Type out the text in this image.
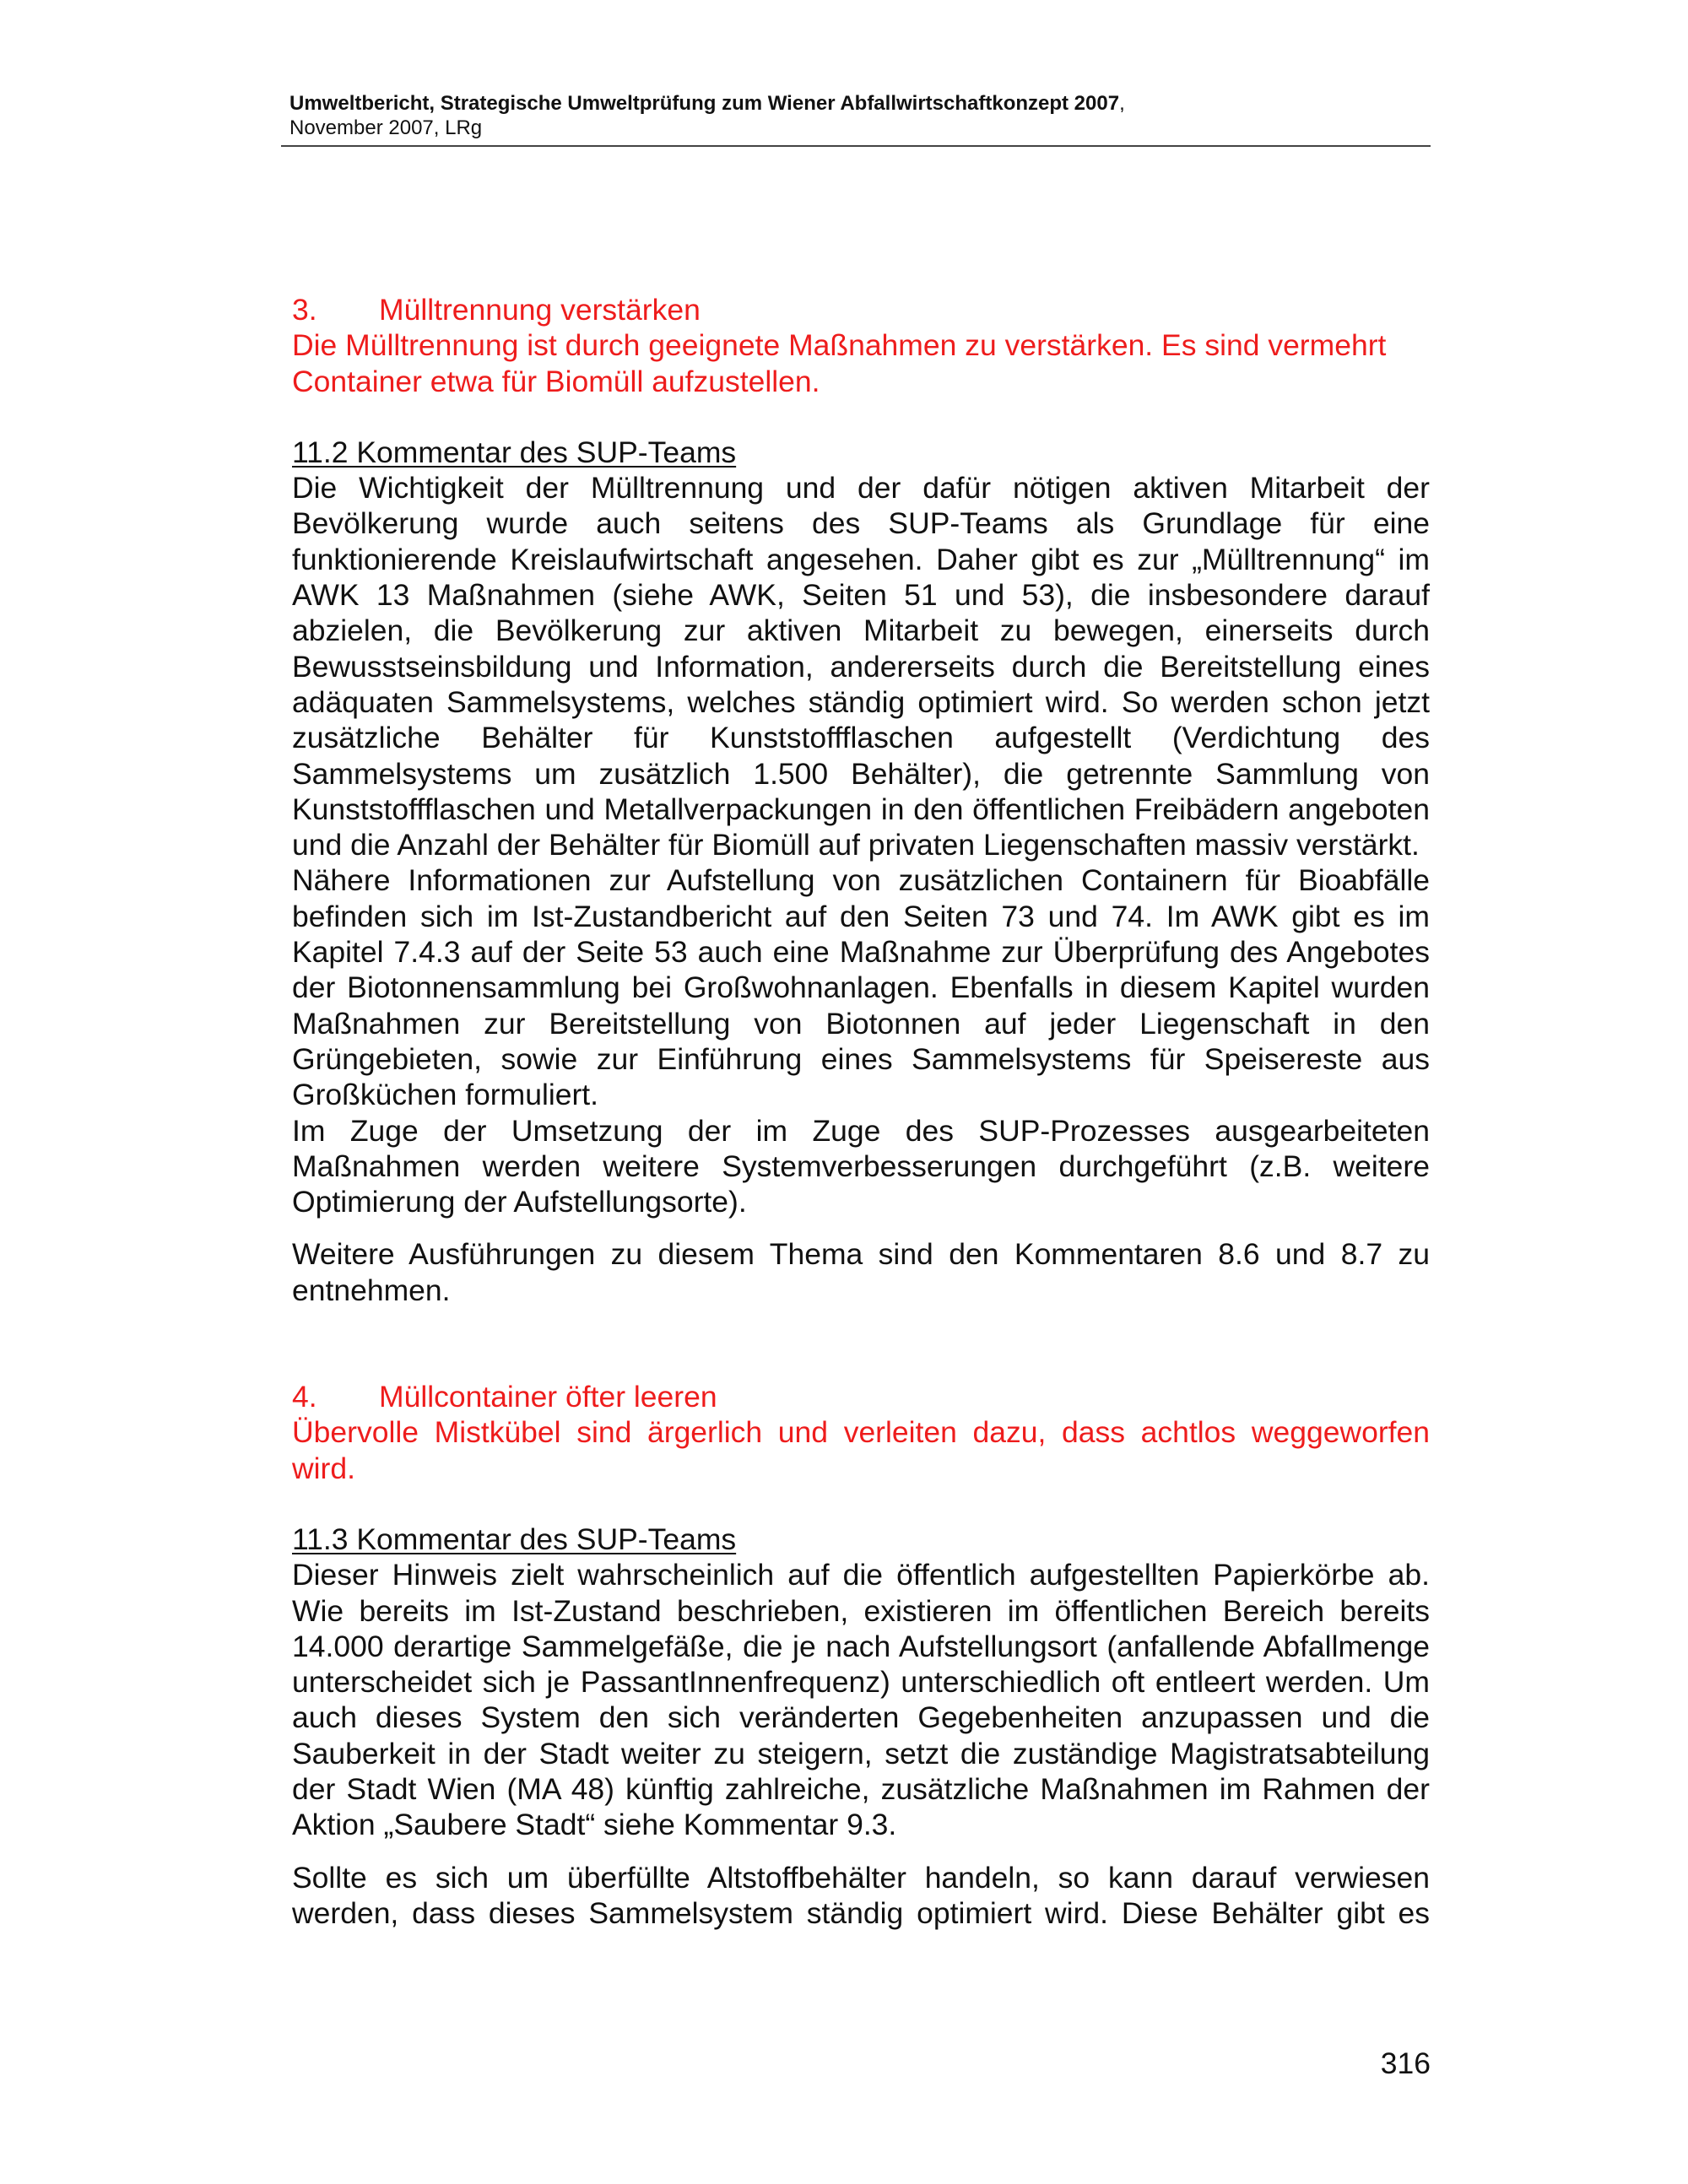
Umweltbericht, Strategische Umweltprüfung zum Wiener Abfallwirtschaftkonzept 2007,
November 2007, LRg
3. Mülltrennung verstärken
Die Mülltrennung ist durch geeignete Maßnahmen zu verstärken. Es sind vermehrt Container etwa für Biomüll aufzustellen.
11.2 Kommentar des SUP-Teams
Die Wichtigkeit der Mülltrennung und der dafür nötigen aktiven Mitarbeit der Bevölkerung wurde auch seitens des SUP-Teams als Grundlage für eine funktionierende Kreislaufwirtschaft angesehen. Daher gibt es zur „Mülltrennung“ im AWK 13 Maßnahmen (siehe AWK, Seiten 51 und 53), die insbesondere darauf abzielen, die Bevölkerung zur aktiven Mitarbeit zu bewegen, einerseits durch Bewusstseinsbildung und Information, andererseits durch die Bereitstellung eines adäquaten Sammelsystems, welches ständig optimiert wird. So werden schon jetzt zusätzliche Behälter für Kunststoffflaschen aufgestellt (Verdichtung des Sammelsystems um zusätzlich 1.500 Behälter), die getrennte Sammlung von Kunststoffflaschen und Metallverpackungen in den öffentlichen Freibädern angeboten und die Anzahl der Behälter für Biomüll auf privaten Liegenschaften massiv verstärkt.
Nähere Informationen zur Aufstellung von zusätzlichen Containern für Bioabfälle befinden sich im Ist-Zustandbericht auf den Seiten 73 und 74. Im AWK gibt es im Kapitel 7.4.3 auf der Seite 53 auch eine Maßnahme zur Überprüfung des Angebotes der Biotonnensammlung bei Großwohnanlagen. Ebenfalls in diesem Kapitel wurden Maßnahmen zur Bereitstellung von Biotonnen auf jeder Liegenschaft in den Grüngebieten, sowie zur Einführung eines Sammelsystems für Speisereste aus Großküchen formuliert.
Im Zuge der Umsetzung der im Zuge des SUP-Prozesses ausgearbeiteten Maßnahmen werden weitere Systemverbesserungen durchgeführt (z.B. weitere Optimierung der Aufstellungsorte).
Weitere Ausführungen zu diesem Thema sind den Kommentaren 8.6 und 8.7 zu entnehmen.
4. Müllcontainer öfter leeren
Übervolle Mistkübel sind ärgerlich und verleiten dazu, dass achtlos weggeworfen wird.
11.3 Kommentar des SUP-Teams
Dieser Hinweis zielt wahrscheinlich auf die öffentlich aufgestellten Papierkörbe ab. Wie bereits im Ist-Zustand beschrieben, existieren im öffentlichen Bereich bereits 14.000 derartige Sammelgefäße, die je nach Aufstellungsort (anfallende Abfallmenge unterscheidet sich je PassantInnenfrequenz) unterschiedlich oft entleert werden. Um auch dieses System den sich veränderten Gegebenheiten anzupassen und die Sauberkeit in der Stadt weiter zu steigern, setzt die zuständige Magistratsabteilung der Stadt Wien (MA 48) künftig zahlreiche, zusätzliche Maßnahmen im Rahmen der Aktion „Saubere Stadt“ siehe Kommentar 9.3.
Sollte es sich um überfüllte Altstoffbehälter handeln, so kann darauf verwiesen werden, dass dieses Sammelsystem ständig optimiert wird. Diese Behälter gibt es
316
